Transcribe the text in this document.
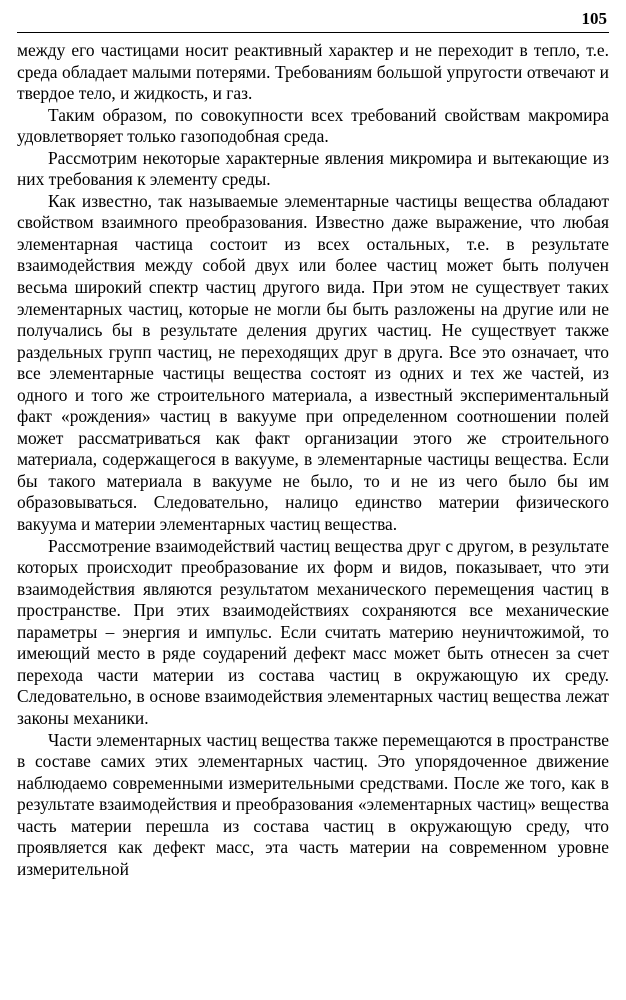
105

между его частицами носит реактивный характер и не переходит в тепло, т.е. среда обладает малыми потерями. Требованиям большой упругости отвечают и твердое тело, и жидкость, и газ.

Таким образом, по совокупности всех требований свойствам макромира удовлетворяет только газоподобная среда.

Рассмотрим некоторые характерные явления микромира и вытекающие из них требования к элементу среды.

Как известно, так называемые элементарные частицы вещества обладают свойством взаимного преобразования. Известно даже выражение, что любая элементарная частица состоит из всех остальных, т.е. в результате взаимодействия между собой двух или более частиц может быть получен весьма широкий спектр частиц другого вида. При этом не существует таких элементарных частиц, которые не могли бы быть разложены на другие или не получались бы в результате деления других частиц. Не существует также раздельных групп частиц, не переходящих друг в друга. Все это означает, что все элементарные частицы вещества состоят из одних и тех же частей, из одного и того же строительного материала, а известный экспериментальный факт «рождения» частиц в вакууме при определенном соотношении полей может рассматриваться как факт организации этого же строительного материала, содержащегося в вакууме, в элементарные частицы вещества. Если бы такого материала в вакууме не было, то и не из чего было бы им образовываться. Следовательно, налицо единство материи физического вакуума и материи элементарных частиц вещества.

Рассмотрение взаимодействий частиц вещества друг с другом, в результате которых происходит преобразование их форм и видов, показывает, что эти взаимодействия являются результатом механического перемещения частиц в пространстве. При этих взаимодействиях сохраняются все механические параметры – энергия и импульс. Если считать материю неуничтожимой, то имеющий место в ряде соударений дефект масс может быть отнесен за счет перехода части материи из состава частиц в окружающую их среду. Следовательно, в основе взаимодействия элементарных частиц вещества лежат законы механики.

Части элементарных частиц вещества также перемещаются в пространстве в составе самих этих элементарных частиц. Это упорядоченное движение наблюдаемо современными измерительными средствами. После же того, как в результате взаимодействия и преобразования «элементарных частиц» вещества часть материи перешла из состава частиц в окружающую среду, что проявляется как дефект масс, эта часть материи на современном уровне измерительной
